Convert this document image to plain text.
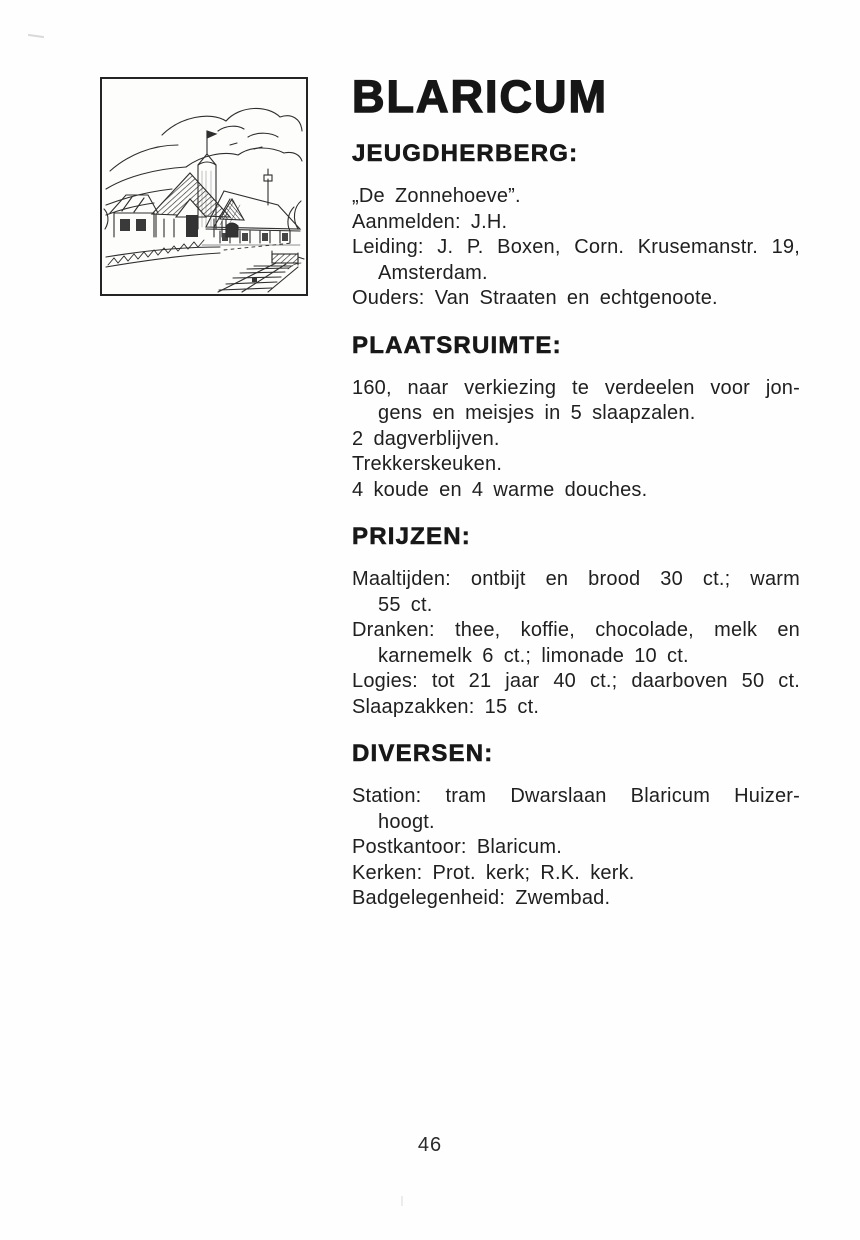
BLARICUM
JEUGDHERBERG:

„De Zonnehoeve”.

Aanmelden: J.H.

Leiding: J. P. Boxen, Corn. Krusemanstr. 19,

Amsterdam.

Ouders: Van Straaten en echtgenoote.

PLAATSRUIMTE:

160, naar verkiezing te verdeelen voor jon-

gens en meisjes in 5 slaapzalen.

2 dagverblijven.

Trekkerskeuken.

4 koude en 4 warme douches.

PRIJZEN:

Maaltijden: ontbijt en brood 30 ct.; warm

55 ct.

Dranken: thee, koffie, chocolade, melk en

karnemelk 6 ct.; limonade 10 ct.

Logies: tot 21 jaar 40 ct.; daarboven 50 ct.

Slaapzakken: 15 ct.

DIVERSEN:

Station: tram Dwarslaan Blaricum Huizer-

hoogt.

Postkantoor: Blaricum.

Kerken: Prot. kerk; R.K. kerk.

Badgelegenheid: Zwembad.

46
